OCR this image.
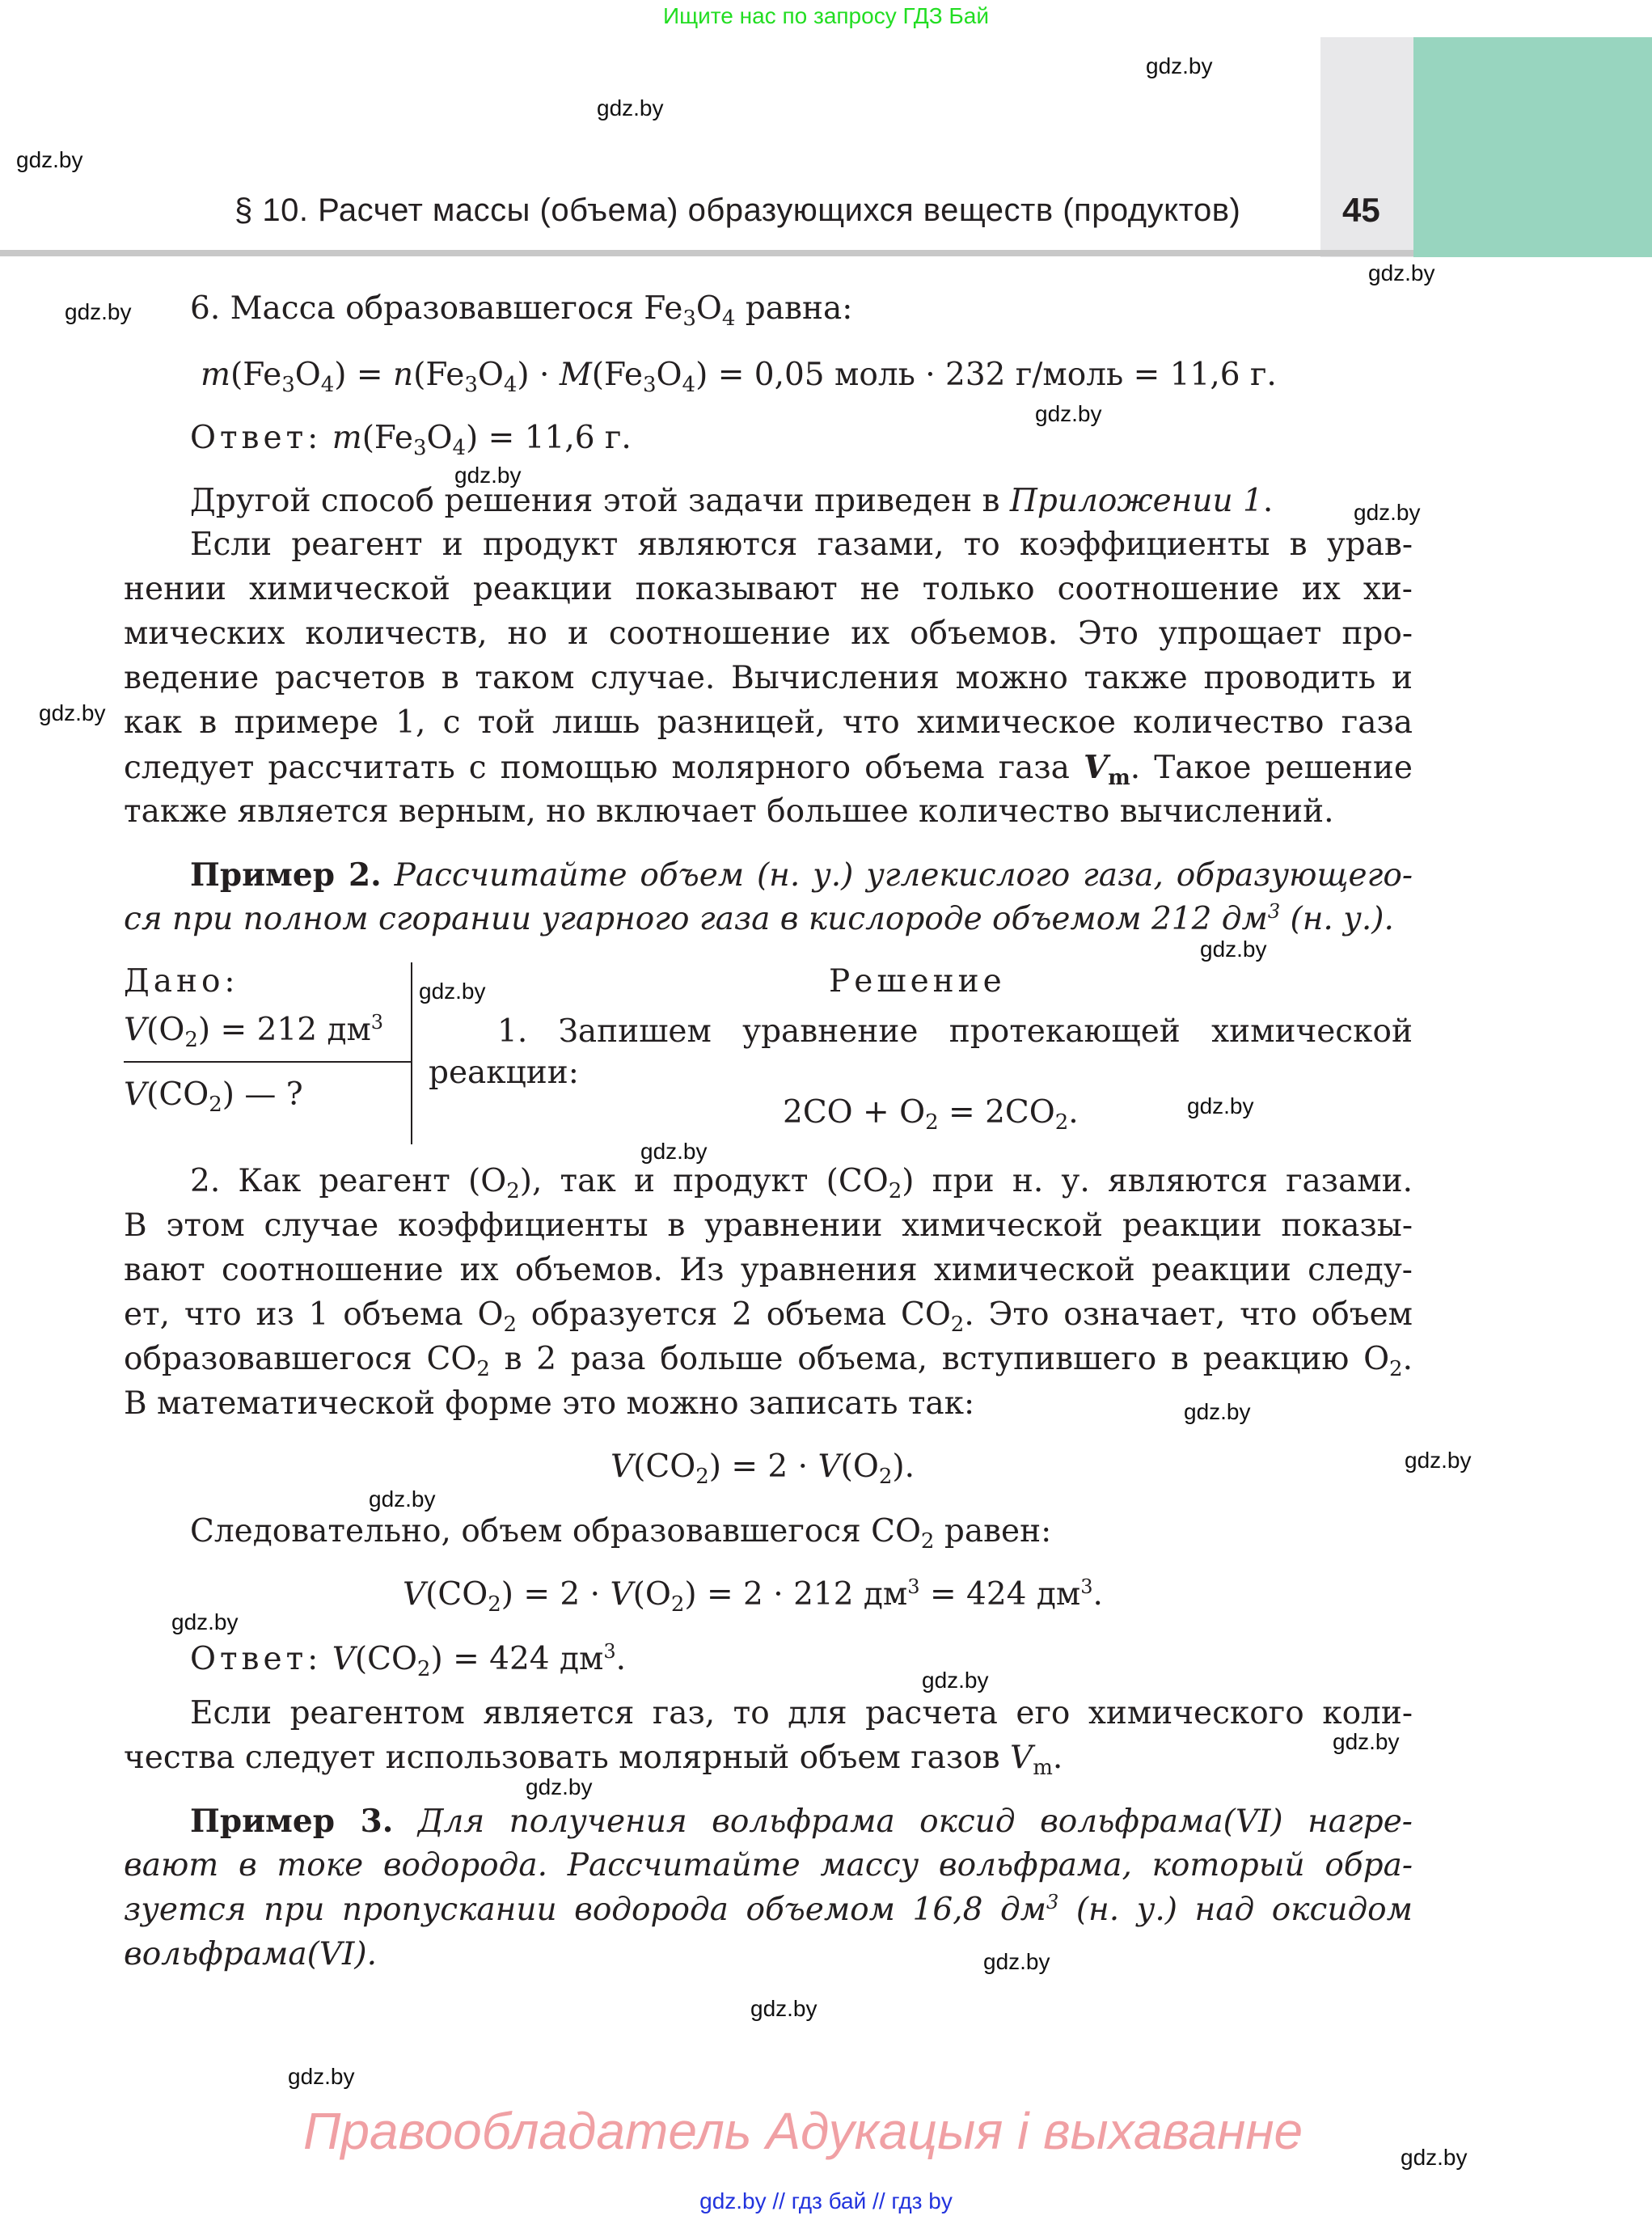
Ищите нас по запросу ГДЗ Бай
§ 10. Расчет массы (объема) образующихся веществ (продуктов)	45
6. Масса образовавшегося $Fe_3O_4$ равна:
$m(Fe_3O_4) = n(Fe_3O_4) \cdot M(Fe_3O_4) = 0,05$ моль · 232 г/моль = 11,6 г.
Ответ: $m(Fe_3O_4) = 11,6$ г.
Другой способ решения этой задачи приведен в Приложении 1.
Если реагент и продукт являются газами, то коэффициенты в урав-
нении химической реакции показывают не только соотношение их хи-
мических количеств, но и соотношение их объемов. Это упрощает про-
ведение расчетов в таком случае. Вычисления можно также проводить и
как в примере 1, с той лишь разницей, что химическое количество газа
следует рассчитать с помощью молярного объема газа $V_m$. Такое решение
также является верным, но включает большее количество вычислений.
Пример 2. Рассчитайте объем (н. у.) углекислого газа, образующего-
ся при полном сгорании угарного газа в кислороде объемом 212 $дм^3$ (н. у.).
Дано:
$V(O_2) = 212$ $дм^3$
$V(CO_2)$ — ?
Решение
1. Запишем уравнение протекающей химической
реакции:
$2CO + O_2 = 2CO_2$.
2. Как реагент $(O_2)$, так и продукт $(CO_2)$ при н. у. являются газами.
В этом случае коэффициенты в уравнении химической реакции показы-
вают соотношение их объемов. Из уравнения химической реакции следу-
ет, что из 1 объема $O_2$ образуется 2 объема $CO_2$. Это означает, что объем
образовавшегося $CO_2$ в 2 раза больше объема, вступившего в реакцию $O_2$.
В математической форме это можно записать так:
$V(CO_2) = 2 \cdot V(O_2)$.
Следовательно, объем образовавшегося $CO_2$ равен:
$V(CO_2) = 2 \cdot V(O_2) = 2 \cdot 212$ $дм^3 = 424$ $дм^3$.
Ответ: $V(CO_2) = 424$ $дм^3$.
Если реагентом является газ, то для расчета его химического коли-
чества следует использовать молярный объем газов $V_m$.
Пример 3. Для получения вольфрама оксид вольфрама(VI) нагре-
вают в токе водорода. Рассчитайте массу вольфрама, который обра-
зуется при пропускании водорода объемом 16,8 $дм^3$ (н. у.) над оксидом
вольфрама(VI).
Правообладатель Адукацыя і выхаванне
gdz.by // гдз бай // гдз by
gdz.by
gdz.by
gdz.by
gdz.by
gdz.by
gdz.by
gdz.by
gdz.by
gdz.by
gdz.by
gdz.by
gdz.by
gdz.by
gdz.by
gdz.by
gdz.by
gdz.by
gdz.by
gdz.by
gdz.by
gdz.by
gdz.by
gdz.by
gdz.by
